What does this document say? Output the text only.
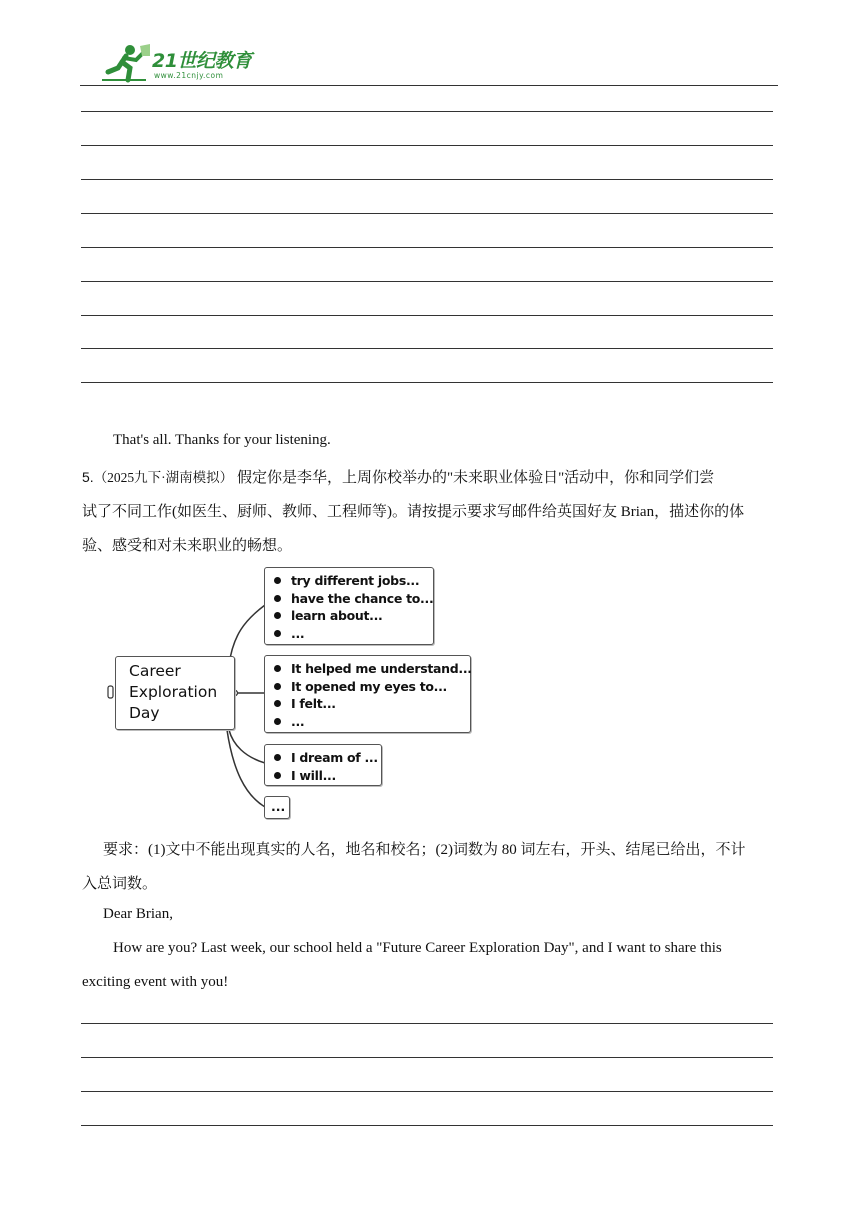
21世纪教育
www.21cnjy.com
That's all. Thanks for your listening.
5.（2025九下·湖南模拟） 假定你是李华，上周你校举办的"未来职业体验日"活动中，你和同学们尝
试了不同工作(如医生、厨师、教师、工程师等)。请按提示要求写邮件给英国好友 Brian，描述你的体
验、感受和对未来职业的畅想。
Career
Exploration
Day
try different jobs...
have the chance to...
learn about...
...
It helped me understand...
It opened my eyes to...
I felt...
...
I dream of ...
I will...
...
要求：(1)文中不能出现真实的人名，地名和校名；(2)词数为 80 词左右，开头、结尾已给出，不计
入总词数。
Dear Brian,
How are you? Last week, our school held a "Future Career Exploration Day", and I want to share this
exciting event with you!
